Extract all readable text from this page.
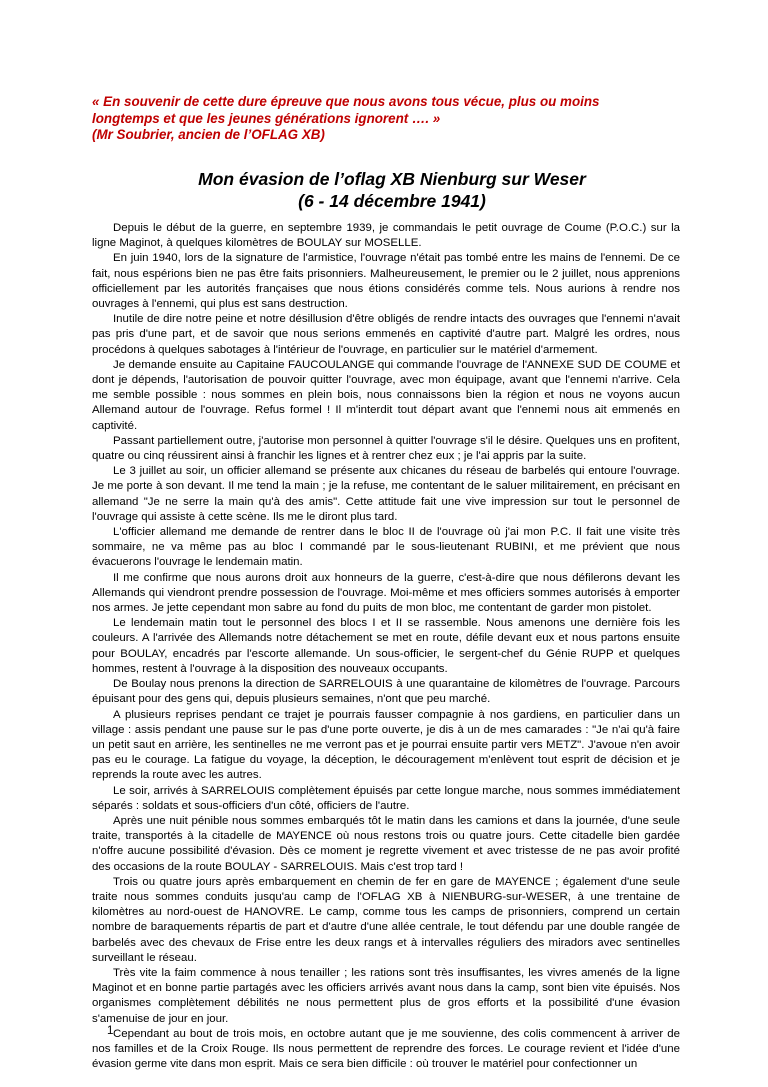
« En souvenir de cette dure épreuve que nous avons tous vécue, plus ou moins
longtemps et que les jeunes générations ignorent …. »
(Mr Soubrier, ancien de l’OFLAG XB)
Mon évasion de l’oflag XB Nienburg sur Weser
(6 - 14 décembre 1941)

Depuis le début de la guerre, en septembre 1939, je commandais le petit ouvrage de Coume (P.O.C.) sur la ligne Maginot, à quelques kilomètres de BOULAY sur MOSELLE.

En juin 1940, lors de la signature de l'armistice, l'ouvrage n'était pas tombé entre les mains de l'ennemi. De ce fait, nous espérions bien ne pas être faits prisonniers. Malheureusement, le premier ou le 2 juillet, nous apprenions officiellement par les autorités françaises que nous étions considérés comme tels. Nous aurions à rendre nos ouvrages à l'ennemi, qui plus est sans destruction.

Inutile de dire notre peine et notre désillusion d'être obligés de rendre intacts des ouvrages que l'ennemi n'avait pas pris d'une part, et de savoir que nous serions emmenés en captivité d'autre part. Malgré les ordres, nous procédons à quelques sabotages à l'intérieur de l'ouvrage, en particulier sur le matériel d'armement.

Je demande ensuite au Capitaine FAUCOULANGE qui commande l'ouvrage de l'ANNEXE SUD DE COUME et dont je dépends, l'autorisation de pouvoir quitter l'ouvrage, avec mon équipage, avant que l'ennemi n'arrive. Cela me semble possible : nous sommes en plein bois, nous connaissons bien la région et nous ne voyons aucun Allemand autour de l'ouvrage. Refus formel ! Il m'interdit tout départ avant que l'ennemi nous ait emmenés en captivité.

Passant partiellement outre, j'autorise mon personnel à quitter l'ouvrage s'il le désire. Quelques uns en profitent, quatre ou cinq réussirent ainsi à franchir les lignes et à rentrer chez eux ; je l'ai appris par la suite.

Le 3 juillet au soir, un officier allemand se présente aux chicanes du réseau de barbelés qui entoure l'ouvrage. Je me porte à son devant. Il me tend la main ; je la refuse, me contentant de le saluer militairement, en précisant en allemand "Je ne serre la main qu'à des amis". Cette attitude fait une vive impression sur tout le personnel de l'ouvrage qui assiste à cette scène. Ils me le diront plus tard.

L'officier allemand me demande de rentrer dans le bloc II de l'ouvrage où j'ai mon P.C. Il fait une visite très sommaire, ne va même pas au bloc I commandé par le sous-lieutenant RUBINI, et me prévient que nous évacuerons l'ouvrage le lendemain matin.

Il me confirme que nous aurons droit aux honneurs de la guerre, c'est-à-dire que nous défilerons devant les Allemands qui viendront prendre possession de l'ouvrage. Moi-même et mes officiers sommes autorisés à emporter nos armes. Je jette cependant mon sabre au fond du puits de mon bloc, me contentant de garder mon pistolet.

Le lendemain matin tout le personnel des blocs I et II se rassemble. Nous amenons une dernière fois les couleurs. A l'arrivée des Allemands notre détachement se met en route, défile devant eux et nous partons ensuite pour BOULAY, encadrés par l'escorte allemande. Un sous-officier, le sergent-chef du Génie RUPP et quelques hommes, restent à l'ouvrage à la disposition des nouveaux occupants.

De Boulay nous prenons la direction de SARRELOUIS à une quarantaine de kilomètres de l'ouvrage. Parcours épuisant pour des gens qui, depuis plusieurs semaines, n'ont que peu marché.

A plusieurs reprises pendant ce trajet je pourrais fausser compagnie à nos gardiens, en particulier dans un village : assis pendant une pause sur le pas d'une porte ouverte, je dis à un de mes camarades : "Je n'ai qu'à faire un petit saut en arrière, les sentinelles ne me verront pas et je pourrai ensuite partir vers METZ". J'avoue n'en avoir pas eu le courage. La fatigue du voyage, la déception, le découragement m'enlèvent tout esprit de décision et je reprends la route avec les autres.

Le soir, arrivés à SARRELOUIS complètement épuisés par cette longue marche, nous sommes immédiatement séparés : soldats et sous-officiers d'un côté, officiers de l'autre.

Après une nuit pénible nous sommes embarqués tôt le matin dans les camions et dans la journée, d'une seule traite, transportés à la citadelle de MAYENCE où nous restons trois ou quatre jours. Cette citadelle bien gardée n'offre aucune possibilité d'évasion. Dès ce moment je regrette vivement et avec tristesse de ne pas avoir profité des occasions de la route BOULAY - SARRELOUIS. Mais c'est trop tard !

Trois ou quatre jours après embarquement en chemin de fer en gare de MAYENCE ; également d'une seule traite nous sommes conduits jusqu'au camp de l'OFLAG XB à NIENBURG-sur-WESER, à une trentaine de kilomètres au nord-ouest de HANOVRE. Le camp, comme tous les camps de prisonniers, comprend un certain nombre de baraquements répartis de part et d'autre d'une allée centrale, le tout défendu par une double rangée de barbelés avec des chevaux de Frise entre les deux rangs et à intervalles réguliers des miradors avec sentinelles surveillant le réseau.

Très vite la faim commence à nous tenailler ; les rations sont très insuffisantes, les vivres amenés de la ligne Maginot et en bonne partie partagés avec les officiers arrivés avant nous dans la camp, sont bien vite épuisés. Nos organismes complètement débilités ne nous permettent plus de gros efforts et la possibilité d'une évasion s'amenuise de jour en jour.

Cependant au bout de trois mois, en octobre autant que je me souvienne, des colis commencent à arriver de nos familles et de la Croix Rouge. Ils nous permettent de reprendre des forces. Le courage revient et l'idée d'une évasion germe vite dans mon esprit. Mais ce sera bien difficile : où trouver le matériel pour confectionner un

1
